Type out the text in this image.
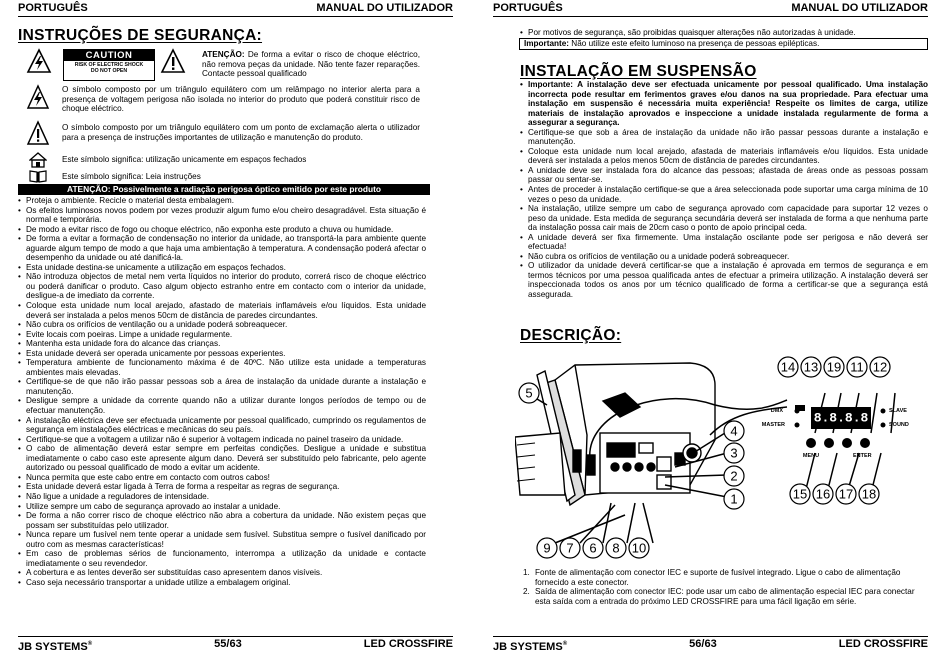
PORTUGUÊS	MANUAL DO UTILIZADOR
INSTRUÇÕES DE SEGURANÇA:
CAUTION
RISK OF ELECTRIC SHOCK
DO NOT OPEN
ATENÇÃO: De forma a evitar o risco de choque eléctrico, não remova peças da unidade. Não tente fazer reparações. Contacte pessoal qualificado
O símbolo composto por um triângulo equilátero com um relâmpago no interior alerta para a presença de voltagem perigosa não isolada no interior do produto que poderá constituir risco de choque eléctrico.
O símbolo composto por um triângulo equilátero com um ponto de exclamação alerta o utilizador para a presença de instruções importantes de utilização e manutenção do produto.
Este símbolo significa: utilização unicamente em espaços fechados
Este símbolo significa: Leia instruções
ATENÇÃO: Possivelmente a radiação perigosa óptico emitido por este produto
• Proteja o ambiente. Recicle o material desta embalagem.
• Os efeitos luminosos novos podem por vezes produzir algum fumo e/ou cheiro desagradável. Esta situação é normal e temporária.
• De modo a evitar risco de fogo ou choque eléctrico, não exponha este produto a chuva ou humidade.
• De forma a evitar a formação de condensação no interior da unidade, ao transportá-la para ambiente quente aguarde algum tempo de modo a que haja uma ambientação à temperatura. A condensação poderá afectar o desempenho da unidade ou até danificá-la.
• Esta unidade destina-se unicamente a utilização em espaços fechados.
• Não introduza objectos de metal nem verta líquidos no interior do produto, correrá risco de choque eléctrico ou poderá danificar o produto. Caso algum objecto estranho entre em contacto com o interior da unidade, desligue-a de imediato da corrente.
• Coloque esta unidade num local arejado, afastado de materiais inflamáveis e/ou líquidos. Esta unidade deverá ser instalada a pelos menos 50cm de distância de paredes circundantes.
• Não cubra os orifícios de ventilação ou a unidade poderá sobreaquecer.
• Evite locais com poeiras. Limpe a unidade regularmente.
• Mantenha esta unidade fora do alcance das crianças.
• Esta unidade deverá ser operada unicamente por pessoas experientes.
• Temperatura ambiente de funcionamento máxima é de 40ºC. Não utilize esta unidade a temperaturas ambientes mais elevadas.
• Certifique-se de que não irão passar pessoas sob a área de instalação da unidade durante a instalação e manutenção.
• Desligue sempre a unidade da corrente quando não a utilizar durante longos períodos de tempo ou de efectuar manutenção.
• A instalação eléctrica deve ser efectuada unicamente por pessoal qualificado, cumprindo os regulamentos de segurança em instalações eléctricas e mecânicas do seu país.
• Certifique-se que a voltagem a utilizar não é superior à voltagem indicada no painel traseiro da unidade.
• O cabo de alimentação deverá estar sempre em perfeitas condições. Desligue a unidade e substitua imediatamente o cabo caso este apresente algum dano. Deverá ser substituído pelo fabricante, pelo agente autorizado ou pessoal qualificado de modo a evitar um acidente.
• Nunca permita que este cabo entre em contacto com outros cabos!
• Esta unidade deverá estar ligada à Terra de forma a respeitar as regras de segurança.
• Não ligue a unidade a reguladores de intensidade.
• Utilize sempre um cabo de segurança aprovado ao instalar a unidade.
• De forma a não correr risco de choque eléctrico não abra a cobertura da unidade. Não existem peças que possam ser substituídas pelo utilizador.
• Nunca repare um fusível nem tente operar a unidade sem fusível. Substitua sempre o fusível danificado por outro com as mesmas características!
• Em caso de problemas sérios de funcionamento, interrompa a utilização da unidade e contacte imediatamente o seu revendedor.
• A cobertura e as lentes deverão ser substituídas caso apresentem danos visíveis.
• Caso seja necessário transportar a unidade utilize a embalagem original.
JB SYSTEMS®	55/63	LED CROSSFIRE
PORTUGUÊS	MANUAL DO UTILIZADOR
• Por motivos de segurança, são proibidas quaisquer alterações não autorizadas à unidade.
Importante: Não utilize este efeito luminoso na presença de pessoas epilépticas.
INSTALAÇÃO EM SUSPENSÃO
• Importante: A instalação deve ser efectuada unicamente por pessoal qualificado. Uma instalação incorrecta pode resultar em ferimentos graves e/ou danos na sua propriedade. Para efectuar uma instalação em suspensão é necessária muita experiência! Respeite os limites de carga, utilize materiais de instalação aprovados e inspeccione a unidade instalada regularmente de forma a assegurar a segurança.
• Certifique-se que sob a área de instalação da unidade não irão passar pessoas durante a instalação e manutenção.
• Coloque esta unidade num local arejado, afastada de materiais inflamáveis e/ou líquidos. Esta unidade deverá ser instalada a pelos menos 50cm de distância de paredes circundantes.
• A unidade deve ser instalada fora do alcance das pessoas; afastada de áreas onde as pessoas possam passar ou sentar-se.
• Antes de proceder à instalação certifique-se que a área seleccionada pode suportar uma carga mínima de 10 vezes o peso da unidade.
• Na instalação, utilize sempre um cabo de segurança aprovado com capacidade para suportar 12 vezes o peso da unidade. Esta medida de segurança secundária deverá ser instalada de forma a que nenhuma parte da instalação possa cair mais de 20cm caso o ponto de apoio principal ceda.
• A unidade deverá ser fixa firmemente. Uma instalação oscilante pode ser perigosa e não deverá ser efectuada!
• Não cubra os orifícios de ventilação ou a unidade poderá sobreaquecer.
• O utilizador da unidade deverá certificar-se que a instalação é aprovada em termos de segurança e em termos técnicos por uma pessoa qualificada antes de efectuar a primeira utilização. A instalação deverá ser inspeccionada todos os anos por um técnico qualificado de forma a certificar-se que a segurança está assegurada.
DESCRIÇÃO:
8.8.8.8
DMX
MASTER
SLAVE
SOUND
MENU	ENTER
5
4
3
2
1
9 7 6 8 10
14 13 19 11 12
15 16 17 18
1. Fonte de alimentação com conector IEC e suporte de fusível integrado. Ligue o cabo de alimentação fornecido a este conector.
2. Saída de alimentação com conector IEC: pode usar um cabo de alimentação especial IEC para conectar esta saída com a entrada do próximo LED CROSSFIRE para uma fácil ligação em série.
JB SYSTEMS®	56/63	LED CROSSFIRE
